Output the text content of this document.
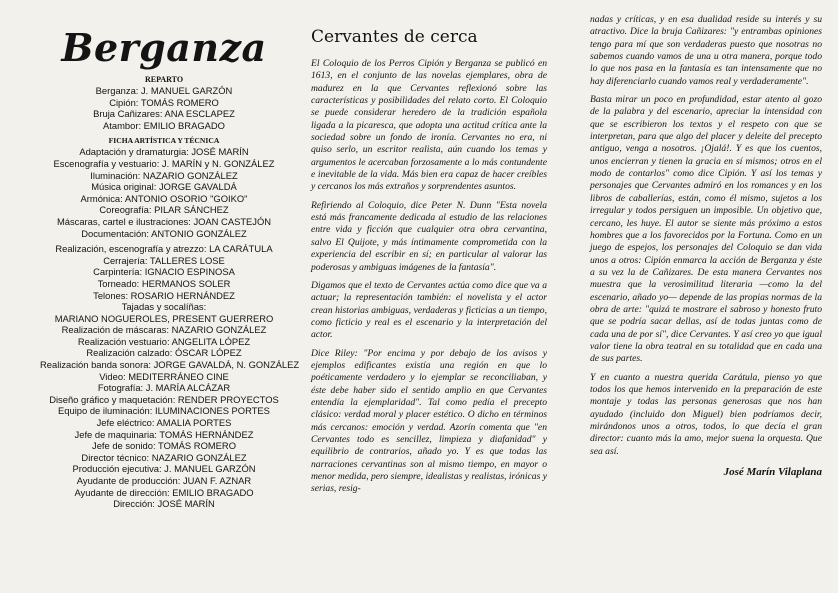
Berganza
REPARTO
Berganza: J. MANUEL GARZÓN
Cipión: TOMÁS ROMERO
Bruja Cañizares: ANA ESCLAPEZ
Atambor: EMILIO BRAGADO
FICHA ARTÍSTICA Y TÉCNICA
Adaptación y dramaturgia: JOSÉ MARÍN
Escenografía y vestuario: J. MARÍN y N. GONZÁLEZ
Iluminación: NAZARIO GONZÁLEZ
Música original: JORGE GAVALDÁ
Armónica: ANTONIO OSORIO "GOIKO"
Coreografía: PILAR SÁNCHEZ
Máscaras, cartel e ilustraciones: JOAN CASTEJÓN
Documentación: ANTONIO GONZÁLEZ
Realización, escenografía y atrezzo: LA CARÁTULA
Cerrajería: TALLERES LOSE
Carpintería: IGNACIO ESPINOSA
Torneado: HERMANOS SOLER
Telones: ROSARIO HERNÁNDEZ
Tajadas y socalíñas:
MARIANO NOGUEROLES, PRESENT GUERRERO
Realización de máscaras: NAZARIO GONZÁLEZ
Realización vestuario: ANGELITA LÓPEZ
Realización calzado: ÓSCAR LÓPEZ
Realización banda sonora: JORGE GAVALDÁ, N. GONZÁLEZ
Video: MEDITERRÁNEO CINE
Fotografía: J. MARÍA ALCÁZAR
Diseño gráfico y maquetación: RENDER PROYECTOS
Equipo de iluminación: ILUMINACIONES PORTES
Jefe eléctrico: AMALIA PORTES
Jefe de maquinaria: TOMÁS HERNÁNDEZ
Jefe de sonido: TOMÁS ROMERO
Director técnico: NAZARIO GONZÁLEZ
Producción ejecutiva: J. MANUEL GARZÓN
Ayudante de producción: JUAN F. AZNAR
Ayudante de dirección: EMILIO BRAGADO
Dirección: JOSÉ MARÍN
Cervantes de cerca

El Coloquio de los Perros Cipión y Berganza se publicó en 1613, en el conjunto de las novelas ejemplares, obra de madurez en la que Cervantes reflexionó sobre las características y posibilidades del relato corto. El Coloquio se puede considerar heredero de la tradición española ligada a la picaresca, que adopta una actitud crítica ante la sociedad sobre un fondo de ironía. Cervantes no era, ni quiso serlo, un escritor realista, aún cuando los temas y argumentos le acercaban forzosamente a lo más contundente e inevitable de la vida. Más bien era capaz de hacer creíbles y cercanos los más extraños y sorprendentes asuntos.

Refiriendo al Coloquio, dice Peter N. Dunn "Esta novela está más francamente dedicada al estudio de las relaciones entre vida y ficción que cualquier otra obra cervantina, salvo El Quijote, y más íntimamente comprometida con la experiencia del escribir en sí; en particular al valorar las poderosas y ambiguas imágenes de la fantasía".

Digamos que el texto de Cervantes actúa como dice que va a actuar; la representación también: el novelista y el actor crean historias ambiguas, verdaderas y ficticias a un tiempo, como ficticio y real es el escenario y la interpretación del actor.

Dice Riley: "Por encima y por debajo de los avisos y ejemplos edificantes existía una región en que lo poéticamente verdadero y lo ejemplar se reconciliaban, y éste debe haber sido el sentido amplio en que Cervantes entendía la ejemplaridad". Tal como pedía el precepto clásico: verdad moral y placer estético. O dicho en términos más cercanos: emoción y verdad. Azorín comenta que "en Cervantes todo es sencillez, limpieza y diafanidad" y equilibrio de contrarios, añado yo. Y es que todas las narraciones cervantinas son al mismo tiempo, en mayor o menor medida, pero siempre, idealistas y realistas, irónicas y serias, resig-

nadas y críticas, y en esa dualidad reside su interés y su atractivo. Dice la bruja Cañizares: "y entrambas opiniones tengo para mí que son verdaderas puesto que nosotras no sabemos cuando vamos de una u otra manera, porque todo lo que nos pasa en la fantasía es tan intensamente que no hay diferenciarlo cuando vamos real y verdaderamente".

Basta mirar un poco en profundidad, estar atento al gozo de la palabra y del escenario, apreciar la intensidad con que se escribieron los textos y el respeto con que se interpretan, para que algo del placer y deleite del precepto antiguo, venga a nosotros. ¡Ojalá!. Y es que los cuentos, unos encierran y tienen la gracia en sí mismos; otros en el modo de contarlos" como dice Cipión. Y así los temas y personajes que Cervantes admiró en los romances y en los libros de caballerías, están, como él mismo, sujetos a los irregular y todos persiguen un imposible. Un objetivo que, cercano, les huye. El autor se siente más próximo a estos hombres que a los favorecidos por la Fortuna. Como en un juego de espejos, los personajes del Coloquio se dan vida unos a otros: Cipión enmarca la acción de Berganza y éste a su vez la de Cañizares. De esta manera Cervantes nos muestra que la verosimilitud literaria —como la del escenario, añado yo— depende de las propias normas de la obra de arte: "quizá te mostrare el sabroso y honesto fruto que se podría sacar dellas, así de todas juntas como de cada una de por sí", dice Cervantes. Y así creo yo que igual valor tiene la obra teatral en su totalidad que en cada una de sus partes.

Y en cuanto a nuestra querida Carátula, pienso yo que todos los que hemos intervenido en la preparación de este montaje y todas las personas generosas que nos han ayudado (incluido don Miguel) bien podríamos decir, mirándonos unos a otros, todos, lo que decía el gran director: cuanto más la amo, mejor suena la orquesta. Que sea así.

José Marín Vilaplana
